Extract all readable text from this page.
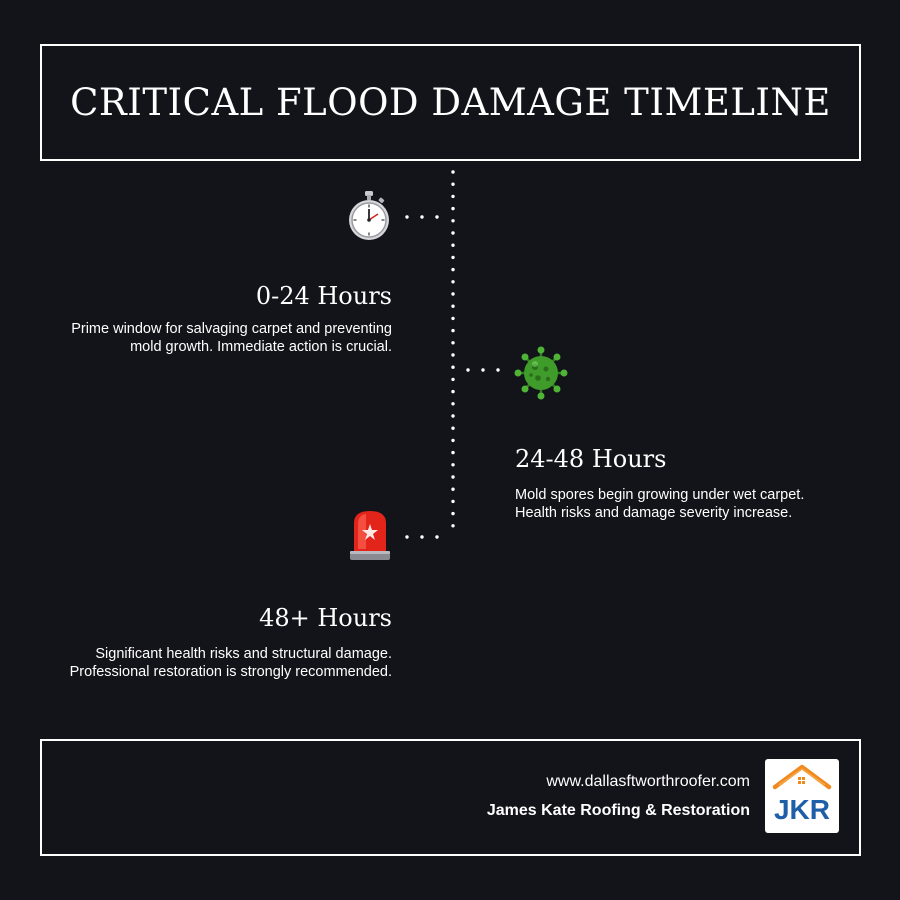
CRITICAL FLOOD DAMAGE TIMELINE
0-24 Hours
Prime window for salvaging carpet and preventing
mold growth. Immediate action is crucial.
24-48 Hours
Mold spores begin growing under wet carpet.
Health risks and damage severity increase.
48+ Hours
Significant health risks and structural damage.
Professional restoration is strongly recommended.
www.dallasftworthroofer.com
James Kate Roofing & Restoration JKR
